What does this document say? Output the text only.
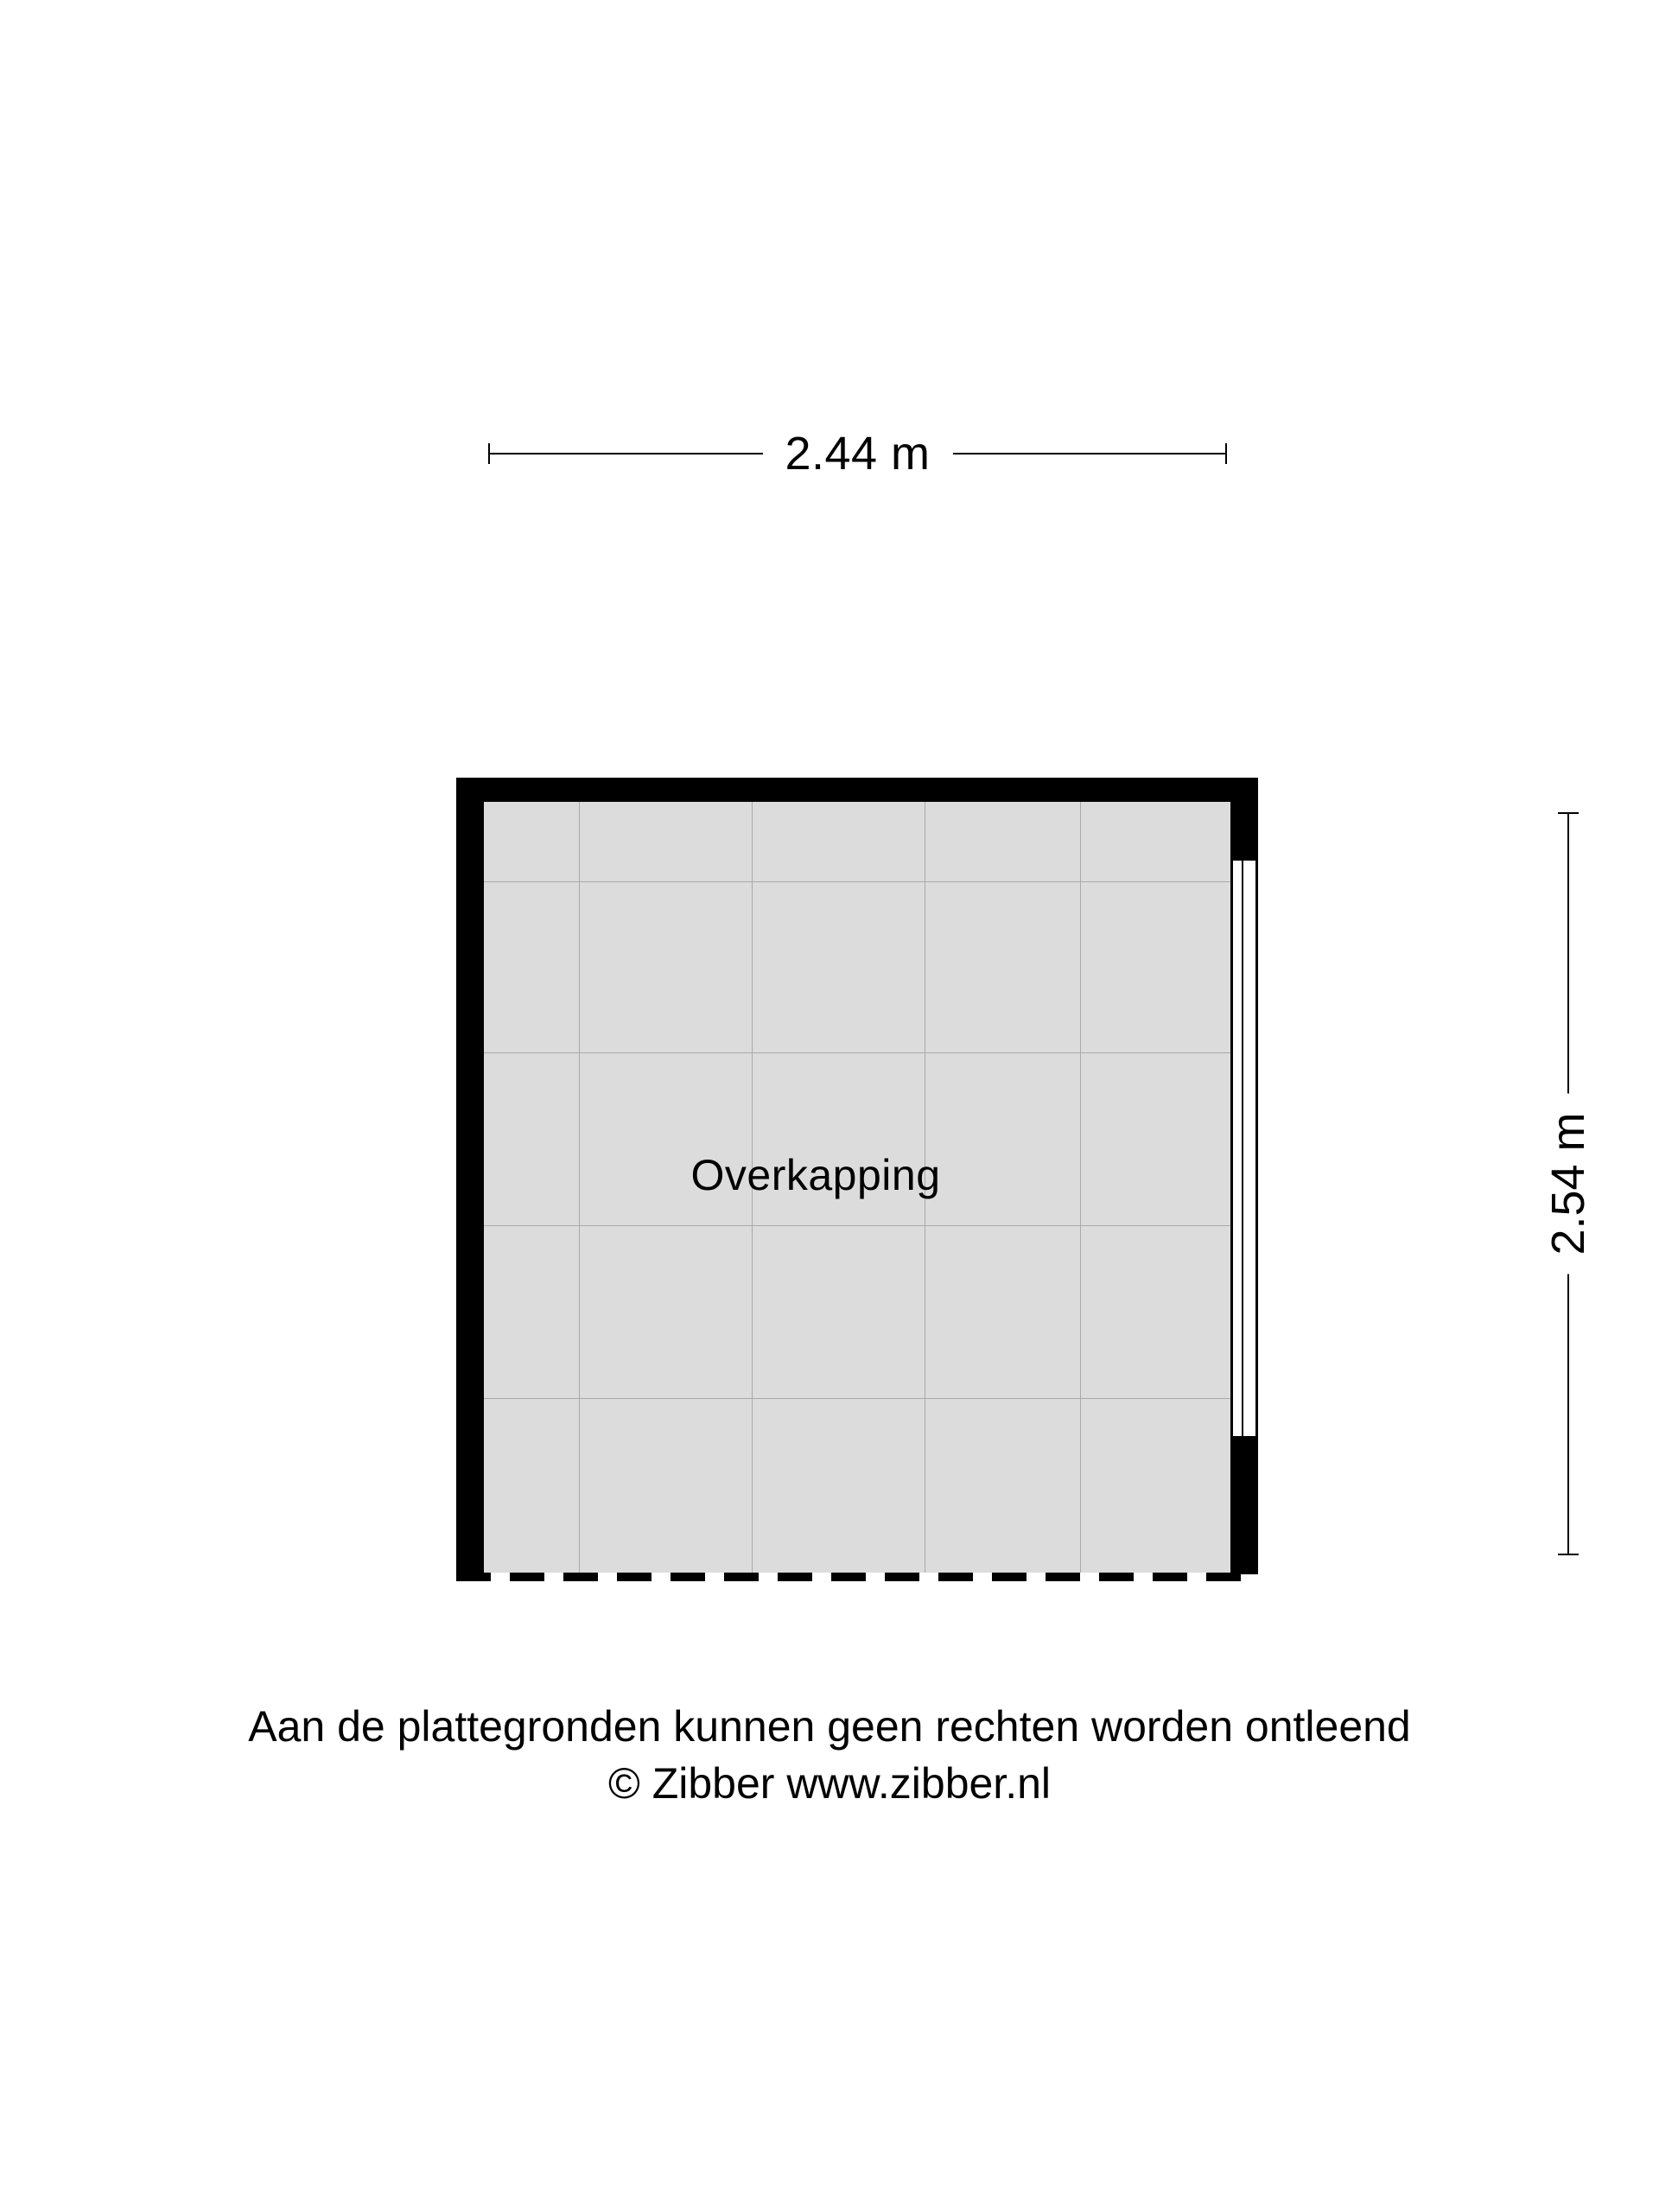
2.44 m
2.54 m
Overkapping
Aan de plattegronden kunnen geen rechten worden ontleend
© Zibber www.zibber.nl
